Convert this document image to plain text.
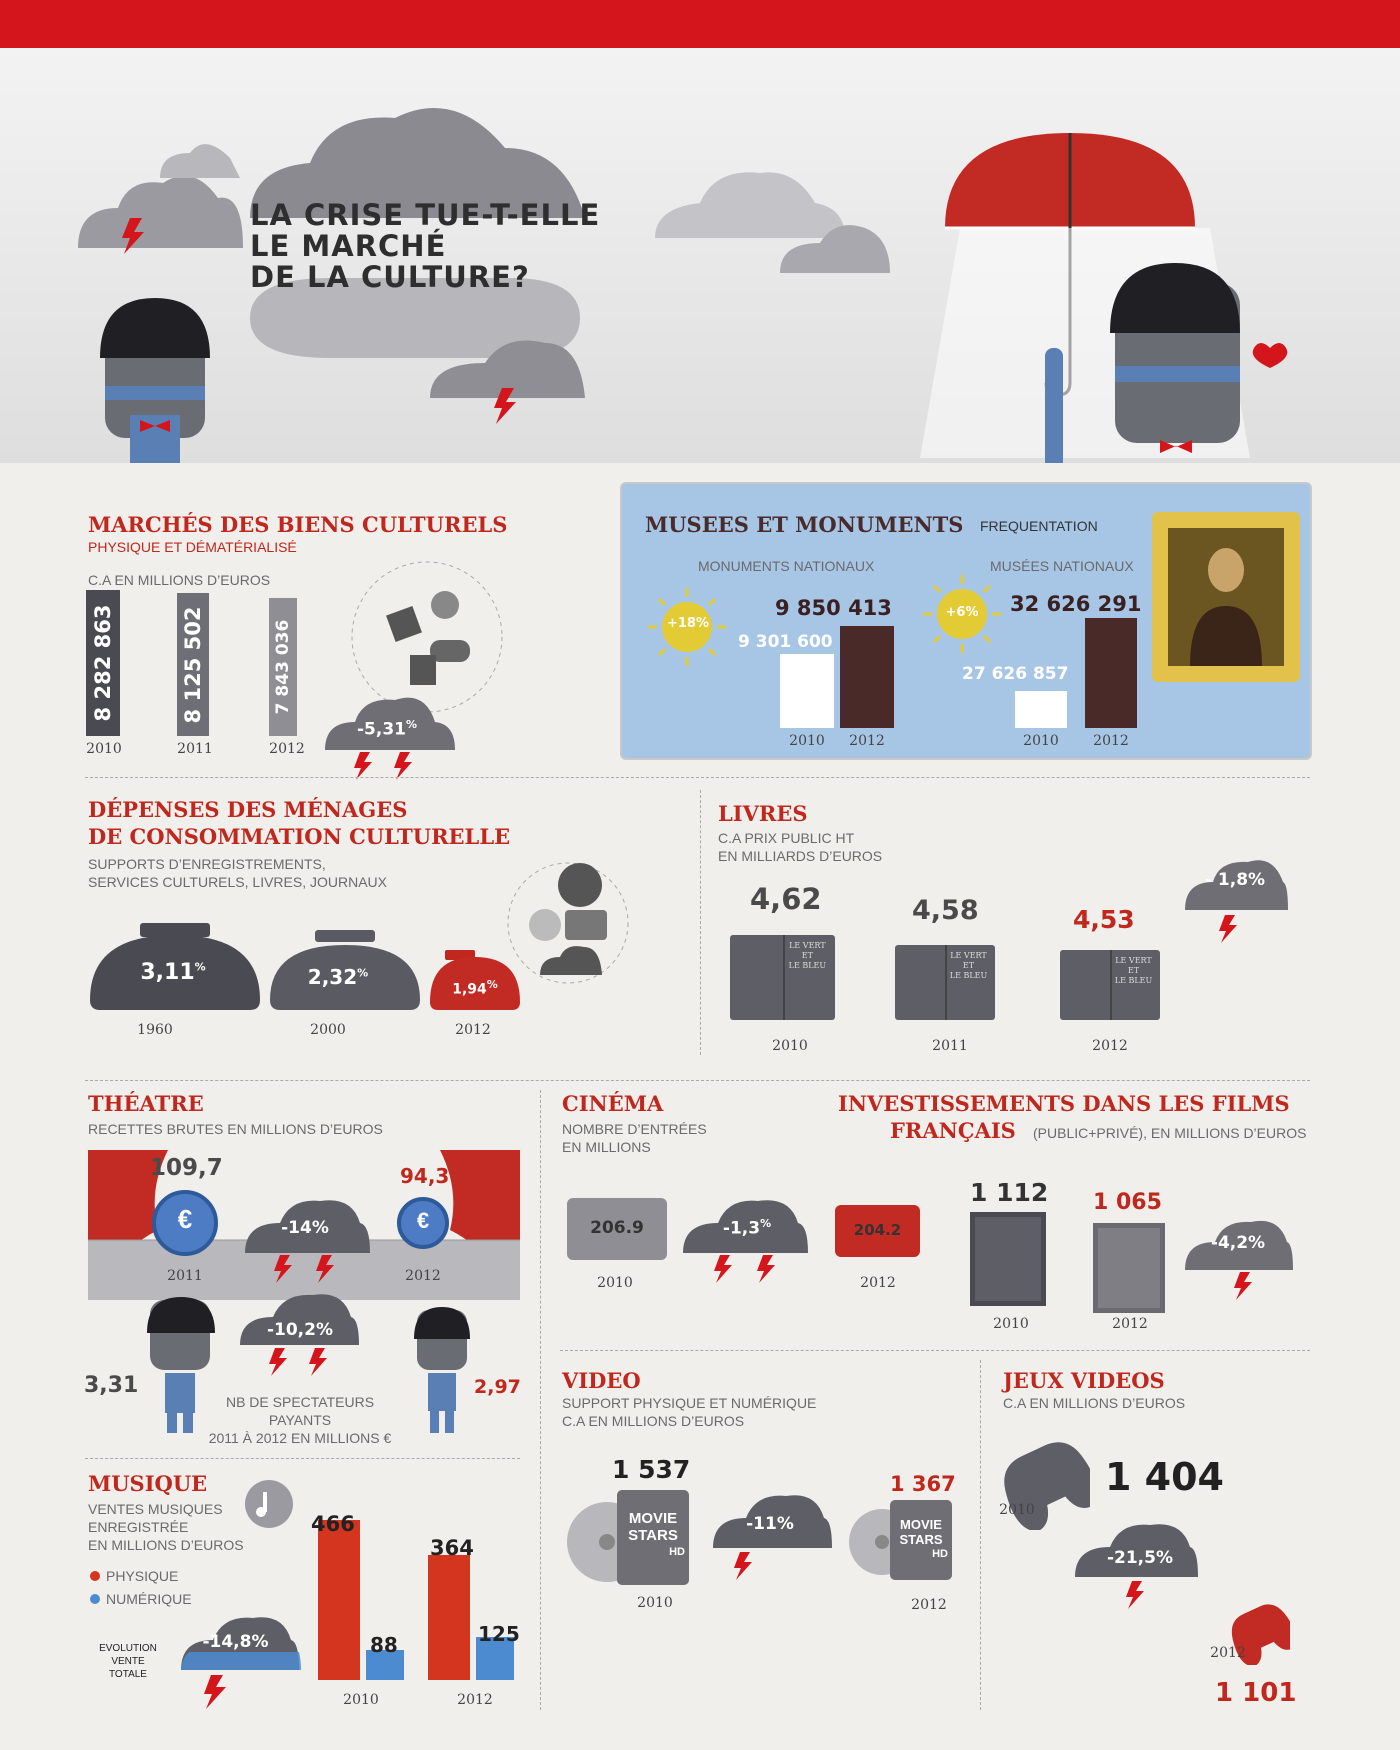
LA CRISE TUE-T-ELLE
LE MARCHÉ
DE LA CULTURE?
MARCHÉS DES BIENS CULTURELS
PHYSIQUE ET DÉMATÉRIALISÉ
C.A EN MILLIONS D’EUROS
8 282 863	8 125 502	7 843 036
2010	2011	2012
-5,31%
MUSEES ET MONUMENTS FREQUENTATION
MONUMENTS NATIONAUX	MUSÉES NATIONAUX
+18%
+6%
9 301 600
9 850 413
27 626 857
32 626 291
2010 2012	2010 2012
DÉPENSES DES MÉNAGES
DE CONSOMMATION CULTURELLE
SUPPORTS D’ENREGISTREMENTS,
SERVICES CULTURELS, LIVRES, JOURNAUX
3,11%	2,32%
1,94%
1960	2000	2012
LIVRES
C.A PRIX PUBLIC HT
EN MILLIARDS D’EUROS
4,62	4,58	4,53
LE VERT
ET
LE BLEU
LE VERT
ET
LE BLEU
LE VERT
ET
LE BLEU
2010	2011	2012
- 1,8%
THÉATRE
RECETTES BRUTES EN MILLIONS D’EUROS
109,7	94,3
€	€
-14%
2011	2012
3,31	2,97
-10,2%
NB DE SPECTATEURS
PAYANTS
2011 À 2012 EN MILLIONS €
CINÉMA
NOMBRE D’ENTRÉES
EN MILLIONS
206.9	204.2
-1,3%
2010	2012
INVESTISSEMENTS DANS LES FILMS
FRANÇAIS (PUBLIC+PRIVÉ), EN MILLIONS D’EUROS
1 112 1 065
2010	2012
-4,2%
MUSIQUE
VENTES MUSIQUES
ENREGISTRÉE
EN MILLIONS D’EUROS
PHYSIQUE
NUMÉRIQUE
EVOLUTION
VENTE
TOTALE
-14,8%
466
88
364
125
2010	2012
VIDEO
SUPPORT PHYSIQUE ET NUMÉRIQUE
C.A EN MILLIONS D’EUROS
1 537	1 367
MOVIE
STARS
HD
MOVIE
STARS
HD
-11%
2010	2012
JEUX VIDEOS
C.A EN MILLIONS D’EUROS
2010
1 404
-21,5%
2012
1 101
